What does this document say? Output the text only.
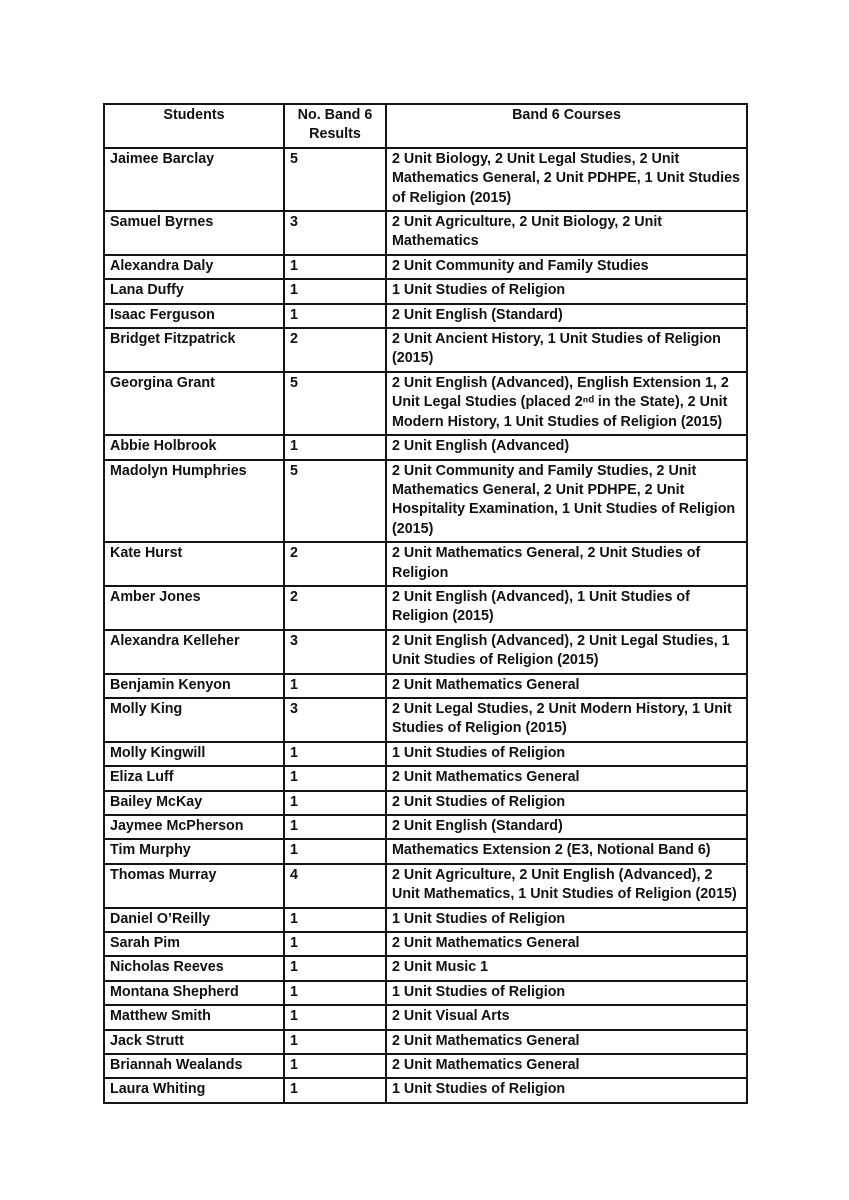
Students	No. Band 6 Results	Band 6 Courses
Jaimee Barclay	5	2 Unit Biology, 2 Unit Legal Studies, 2 Unit Mathematics General, 2 Unit PDHPE, 1 Unit Studies of Religion (2015)
Samuel Byrnes	3	2 Unit Agriculture, 2 Unit Biology, 2 Unit Mathematics
Alexandra Daly	1	2 Unit Community and Family Studies
Lana Duffy	1	1 Unit Studies of Religion
Isaac Ferguson	1	2 Unit English (Standard)
Bridget Fitzpatrick	2	2 Unit Ancient History, 1 Unit Studies of Religion (2015)
Georgina Grant	5	2 Unit English (Advanced), English Extension 1, 2 Unit Legal Studies (placed 2ⁿᵈ in the State), 2 Unit Modern History, 1 Unit Studies of Religion (2015)
Abbie Holbrook	1	2 Unit English (Advanced)
Madolyn Humphries	5	2 Unit Community and Family Studies, 2 Unit Mathematics General, 2 Unit PDHPE, 2 Unit Hospitality Examination, 1 Unit Studies of Religion (2015)
Kate Hurst	2	2 Unit Mathematics General, 2 Unit Studies of Religion
Amber Jones	2	2 Unit English (Advanced), 1 Unit Studies of Religion (2015)
Alexandra Kelleher	3	2 Unit English (Advanced), 2 Unit Legal Studies, 1 Unit Studies of Religion (2015)
Benjamin Kenyon	1	2 Unit Mathematics General
Molly King	3	2 Unit Legal Studies, 2 Unit Modern History, 1 Unit Studies of Religion (2015)
Molly Kingwill	1	1 Unit Studies of Religion
Eliza Luff	1	2 Unit Mathematics General
Bailey McKay	1	2 Unit Studies of Religion
Jaymee McPherson	1	2 Unit English (Standard)
Tim Murphy	1	Mathematics Extension 2 (E3, Notional Band 6)
Thomas Murray	4	2 Unit Agriculture, 2 Unit English (Advanced), 2 Unit Mathematics, 1 Unit Studies of Religion (2015)
Daniel O’Reilly	1	1 Unit Studies of Religion
Sarah Pim	1	2 Unit Mathematics General
Nicholas Reeves	1	2 Unit Music 1
Montana Shepherd	1	1 Unit Studies of Religion
Matthew Smith	1	2 Unit Visual Arts
Jack Strutt	1	2 Unit Mathematics General
Briannah Wealands	1	2 Unit Mathematics General
Laura Whiting	1	1 Unit Studies of Religion
